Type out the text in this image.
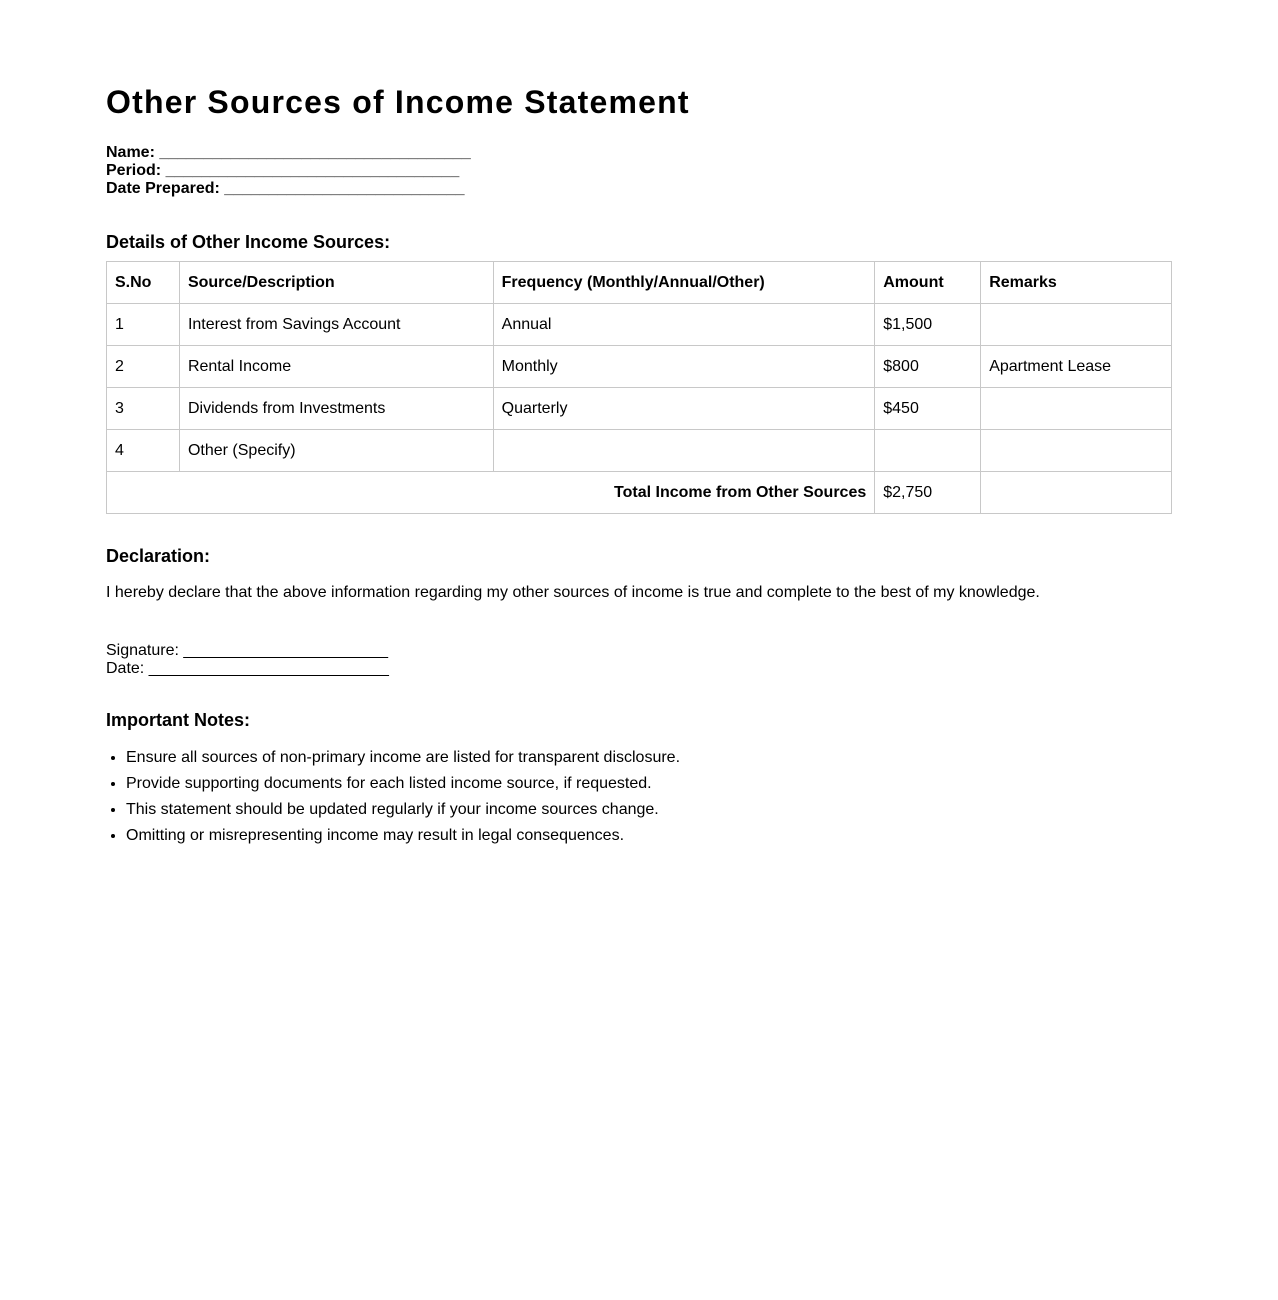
Other Sources of Income Statement
Name: ___________________________________
Period: _________________________________
Date Prepared: ___________________________
Details of Other Income Sources:
S.No	Source/Description	Frequency (Monthly/Annual/Other)	Amount	Remarks
1	Interest from Savings Account	Annual	$1,500	
2	Rental Income	Monthly	$800	Apartment Lease
3	Dividends from Investments	Quarterly	$450	
4	Other (Specify)			
Total Income from Other Sources			$2,750	
Declaration:

I hereby declare that the above information regarding my other sources of income is true and complete to the best of my knowledge.

Signature: _______________________
Date: ___________________________
Important Notes:
• Ensure all sources of non-primary income are listed for transparent disclosure.
• Provide supporting documents for each listed income source, if requested.
• This statement should be updated regularly if your income sources change.
• Omitting or misrepresenting income may result in legal consequences.
